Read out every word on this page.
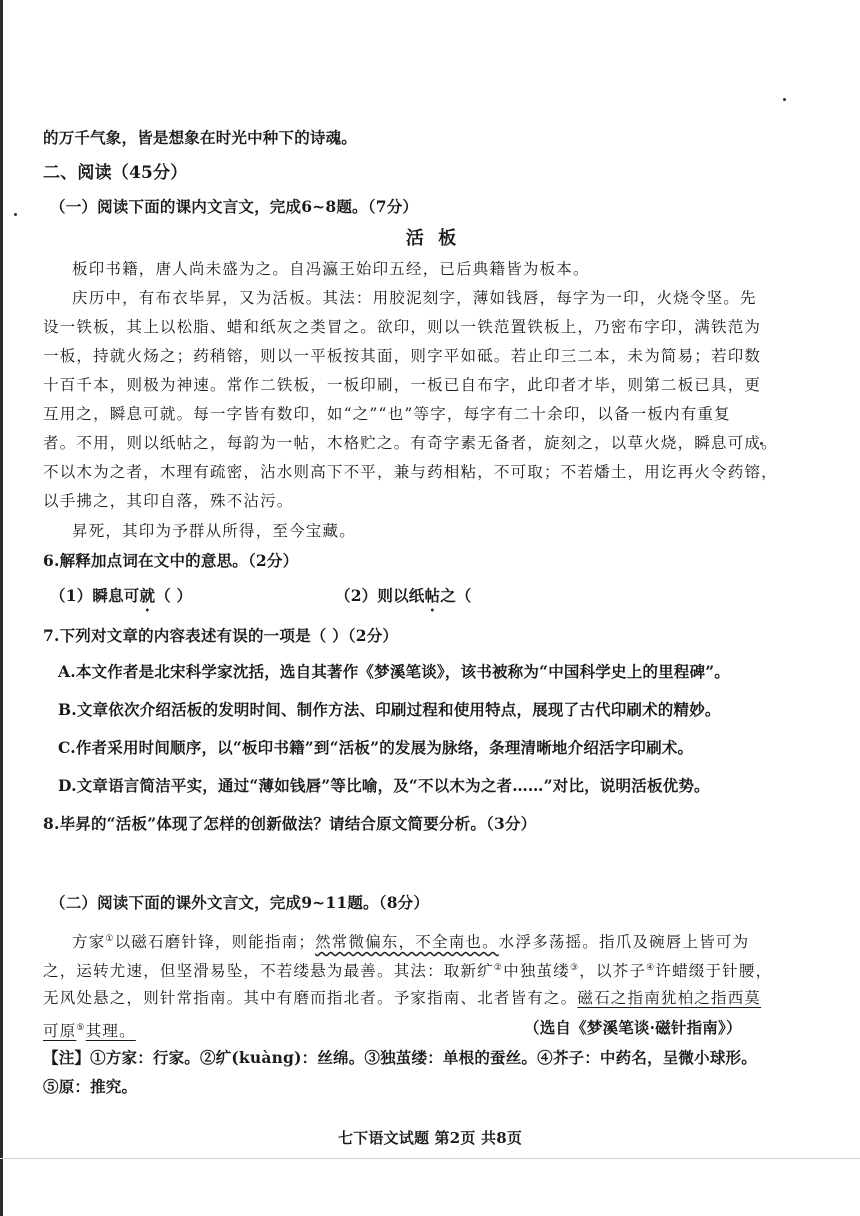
的万千气象，皆是想象在时光中种下的诗魂。
二、阅读（45分）
（一）阅读下面的课内文言文，完成6~8题。（7分）
活 板
板印书籍，唐人尚未盛为之。自冯瀛王始印五经，已后典籍皆为板本。
庆历中，有布衣毕昇，又为活板。其法：用胶泥刻字，薄如钱唇，每字为一印，火烧令坚。先
设一铁板，其上以松脂、蜡和纸灰之类冒之。欲印，则以一铁范置铁板上，乃密布字印，满铁范为
一板，持就火炀之；药稍镕，则以一平板按其面，则字平如砥。若止印三二本，未为简易；若印数
十百千本，则极为神速。常作二铁板，一板印刷，一板已自布字，此印者才毕，则第二板已具，更
互用之，瞬息可就。每一字皆有数印，如“之”“也”等字，每字有二十余印，以备一板内有重复
者。不用，则以纸帖之，每韵为一帖，木格贮之。有奇字素无备者，旋刻之，以草火烧，瞬息可成。
不以木为之者，木理有疏密，沾水则高下不平，兼与药相粘，不可取；不若燔土，用讫再火令药镕，
以手拂之，其印自落，殊不沾污。
昇死，其印为予群从所得，至今宝藏。
6.解释加点词在文中的意思。（2分）
（1）瞬息可就（ ）	（2）则以纸帖之（
7.下列对文章的内容表述有误的一项是（ ）（2分）
A.本文作者是北宋科学家沈括，选自其著作《梦溪笔谈》，该书被称为“中国科学史上的里程碑”。
B.文章依次介绍活板的发明时间、制作方法、印刷过程和使用特点，展现了古代印刷术的精妙。
C.作者采用时间顺序，以“板印书籍”到“活板”的发展为脉络，条理清晰地介绍活字印刷术。
D.文章语言简洁平实，通过“薄如钱唇”等比喻，及“不以木为之者……”对比，说明活板优势。
8.毕昇的“活板”体现了怎样的创新做法？请结合原文简要分析。（3分）
（二）阅读下面的课外文言文，完成9~11题。（8分）
方家①以磁石磨针锋，则能指南；然常微偏东，不全南也。水浮多荡摇。指爪及碗唇上皆可为
之，运转尤速，但坚滑易坠，不若缕悬为最善。其法：取新纩②中独茧缕③，以芥子④许蜡缀于针腰，
无风处悬之，则针常指南。其中有磨而指北者。予家指南、北者皆有之。磁石之指南犹柏之指西莫
可原⑤其理。	（选自《梦溪笔谈·磁针指南》）
【注】①方家：行家。②纩(kuàng)：丝绵。③独茧缕：单根的蚕丝。④芥子：中药名，呈微小球形。
⑤原：推究。
七下语文试题 第2页 共8页
